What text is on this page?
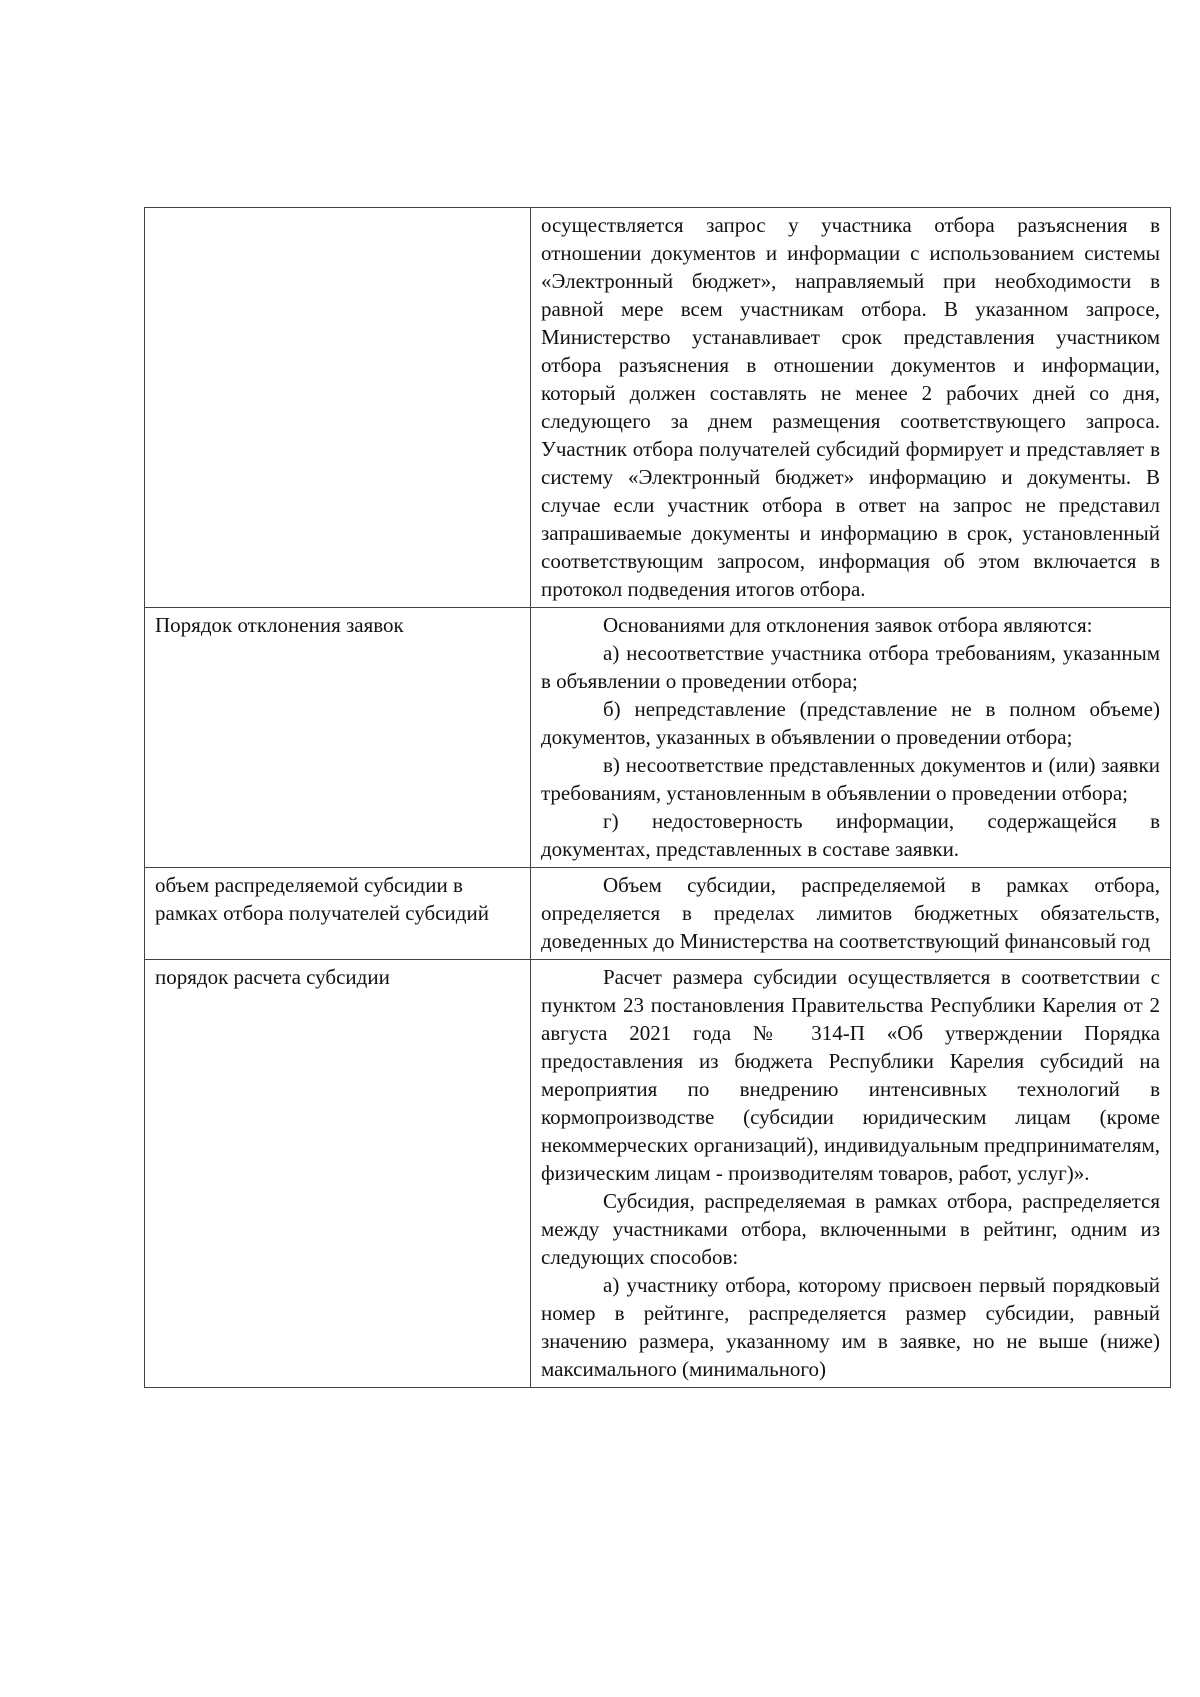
	осуществляется запрос у участника отбора разъяснения в отношении документов и информации с использованием системы «Электронный бюджет», направляемый при необходимости в равной мере всем участникам отбора. В указанном запросе, Министерство устанавливает срок представления участником отбора разъяснения в отношении документов и информации, который должен составлять не менее 2 рабочих дней со дня, следующего за днем размещения соответствующего запроса. Участник отбора получателей субсидий формирует и представляет в систему «Электронный бюджет» информацию и документы. В случае если участник отбора в ответ на запрос не представил запрашиваемые документы и информацию в срок, установленный соответствующим запросом, информация об этом включается в протокол подведения итогов отбора.

Порядок отклонения заявок	Основаниями для отклонения заявок отбора являются:

а) несоответствие участника отбора требованиям, указанным в объявлении о проведении отбора;

б) непредставление (представление не в полном объеме) документов, указанных в объявлении о проведении отбора;

в) несоответствие представленных документов и (или) заявки требованиям, установленным в объявлении о проведении отбора;

г) недостоверность информации, содержащейся в документах, представленных в составе заявки.

объем распределяемой субсидии в рамках отбора получателей субсидий	Объем субсидии, распределяемой в рамках отбора, определяется в пределах лимитов бюджетных обязательств, доведенных до Министерства на соответствующий финансовый год

порядок расчета субсидии	Расчет размера субсидии осуществляется в соответствии с пунктом 23 постановления Правительства Республики Карелия от 2 августа 2021 года № 314-П «Об утверждении Порядка предоставления из бюджета Республики Карелия субсидий на мероприятия по внедрению интенсивных технологий в кормопроизводстве (субсидии юридическим лицам (кроме некоммерческих организаций), индивидуальным предпринимателям, физическим лицам - производителям товаров, работ, услуг)».

Субсидия, распределяемая в рамках отбора, распределяется между участниками отбора, включенными в рейтинг, одним из следующих способов:

а) участнику отбора, которому присвоен первый порядковый номер в рейтинге, распределяется размер субсидии, равный значению размера, указанному им в заявке, но не выше (ниже) максимального (минимального)
